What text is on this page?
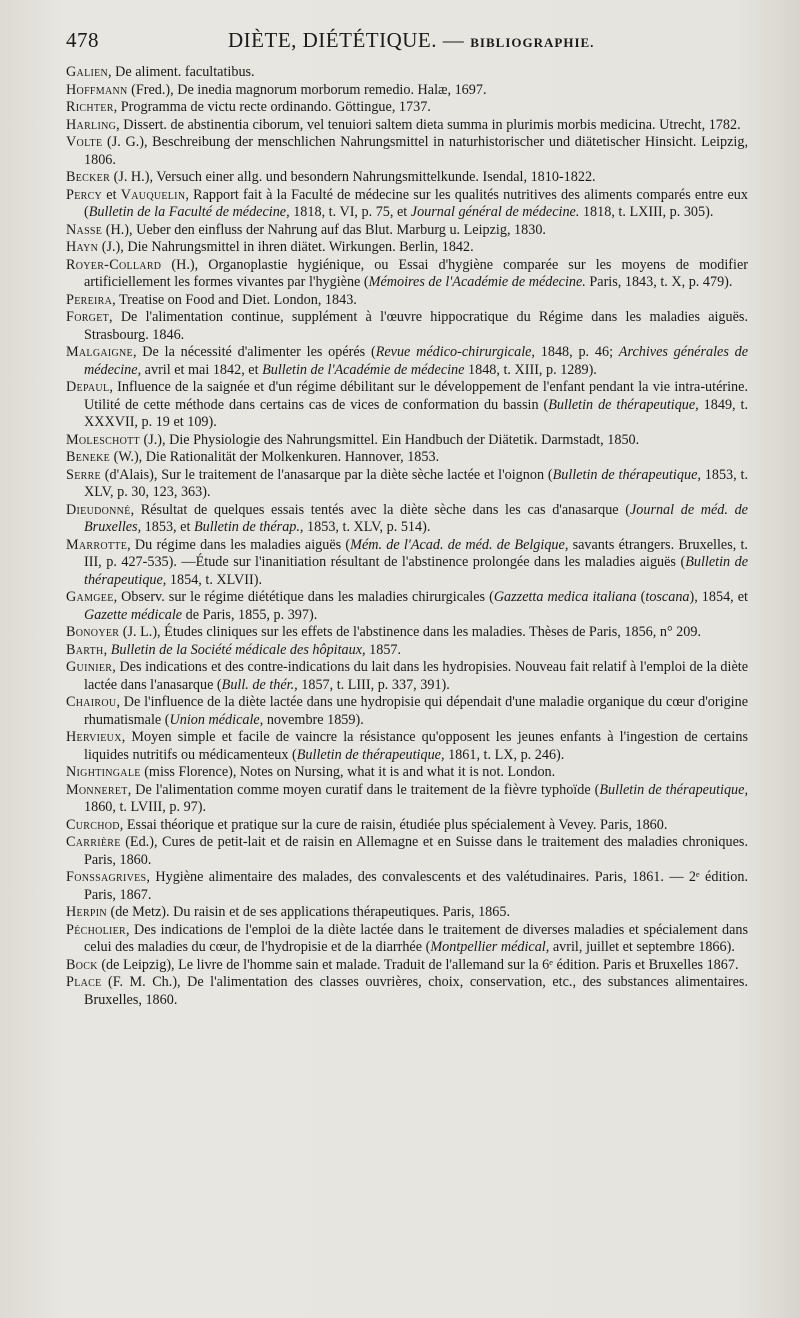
478	DIÈTE, DIÉTÉTIQUE. — BIBLIOGRAPHIE.

Galien, De aliment. facultatibus.

Hoffmann (Fred.), De inedia magnorum morborum remedio. Halæ, 1697.

Richter, Programma de victu recte ordinando. Göttingue, 1737.

Harling, Dissert. de abstinentia ciborum, vel tenuiori saltem dieta summa in plurimis morbis medicina. Utrecht, 1782.

Volte (J. G.), Beschreibung der menschlichen Nahrungsmittel in naturhistorischer und diätetischer Hinsicht. Leipzig, 1806.

Becker (J. H.), Versuch einer allg. und besondern Nahrungsmittelkunde. Isendal, 1810-1822.

Percy et Vauquelin, Rapport fait à la Faculté de médecine sur les qualités nutritives des aliments comparés entre eux (Bulletin de la Faculté de médecine, 1818, t. VI, p. 75, et Journal général de médecine. 1818, t. LXIII, p. 305).

Nasse (H.), Ueber den einfluss der Nahrung auf das Blut. Marburg u. Leipzig, 1830.

Hayn (J.), Die Nahrungsmittel in ihren diätet. Wirkungen. Berlin, 1842.

Royer-Collard (H.), Organoplastie hygiénique, ou Essai d'hygiène comparée sur les moyens de modifier artificiellement les formes vivantes par l'hygiène (Mémoires de l'Académie de médecine. Paris, 1843, t. X, p. 479).

Pereira, Treatise on Food and Diet. London, 1843.

Forget, De l'alimentation continue, supplément à l'œuvre hippocratique du Régime dans les maladies aiguës. Strasbourg. 1846.

Malgaigne, De la nécessité d'alimenter les opérés (Revue médico-chirurgicale, 1848, p. 46; Archives générales de médecine, avril et mai 1842, et Bulletin de l'Académie de médecine 1848, t. XIII, p. 1289).

Depaul, Influence de la saignée et d'un régime débilitant sur le développement de l'enfant pendant la vie intra-utérine. Utilité de cette méthode dans certains cas de vices de conformation du bassin (Bulletin de thérapeutique, 1849, t. XXXVII, p. 19 et 109).

Moleschott (J.), Die Physiologie des Nahrungsmittel. Ein Handbuch der Diätetik. Darmstadt, 1850.

Beneke (W.), Die Rationalität der Molkenkuren. Hannover, 1853.

Serre (d'Alais), Sur le traitement de l'anasarque par la diète sèche lactée et l'oignon (Bulletin de thérapeutique, 1853, t. XLV, p. 30, 123, 363).

Dieudonné, Résultat de quelques essais tentés avec la diète sèche dans les cas d'anasarque (Journal de méd. de Bruxelles, 1853, et Bulletin de thérap., 1853, t. XLV, p. 514).

Marrotte, Du régime dans les maladies aiguës (Mém. de l'Acad. de méd. de Belgique, savants étrangers. Bruxelles, t. III, p. 427-535). —Étude sur l'inanitiation résultant de l'abstinence prolongée dans les maladies aiguës (Bulletin de thérapeutique, 1854, t. XLVII).

Gamgee, Observ. sur le régime diététique dans les maladies chirurgicales (Gazzetta medica italiana (toscana), 1854, et Gazette médicale de Paris, 1855, p. 397).

Bonoyer (J. L.), Études cliniques sur les effets de l'abstinence dans les maladies. Thèses de Paris, 1856, n° 209.

Barth, Bulletin de la Société médicale des hôpitaux, 1857.

Guinier, Des indications et des contre-indications du lait dans les hydropisies. Nouveau fait relatif à l'emploi de la diète lactée dans l'anasarque (Bull. de thér., 1857, t. LIII, p. 337, 391).

Chairou, De l'influence de la diète lactée dans une hydropisie qui dépendait d'une maladie organique du cœur d'origine rhumatismale (Union médicale, novembre 1859).

Hervieux, Moyen simple et facile de vaincre la résistance qu'opposent les jeunes enfants à l'ingestion de certains liquides nutritifs ou médicamenteux (Bulletin de thérapeutique, 1861, t. LX, p. 246).

Nightingale (miss Florence), Notes on Nursing, what it is and what it is not. London.

Monneret, De l'alimentation comme moyen curatif dans le traitement de la fièvre typhoïde (Bulletin de thérapeutique, 1860, t. LVIII, p. 97).

Curchod, Essai théorique et pratique sur la cure de raisin, étudiée plus spécialement à Vevey. Paris, 1860.

Carrière (Ed.), Cures de petit-lait et de raisin en Allemagne et en Suisse dans le traitement des maladies chroniques. Paris, 1860.

Fonssagrives, Hygiène alimentaire des malades, des convalescents et des valétudinaires. Paris, 1861. — 2ᵉ édition. Paris, 1867.

Herpin (de Metz). Du raisin et de ses applications thérapeutiques. Paris, 1865.

Pécholier, Des indications de l'emploi de la diète lactée dans le traitement de diverses maladies et spécialement dans celui des maladies du cœur, de l'hydropisie et de la diarrhée (Montpellier médical, avril, juillet et septembre 1866).

Bock (de Leipzig), Le livre de l'homme sain et malade. Traduit de l'allemand sur la 6ᵉ édition. Paris et Bruxelles 1867.

Place (F. M. Ch.), De l'alimentation des classes ouvrières, choix, conservation, etc., des substances alimentaires. Bruxelles, 1860.
